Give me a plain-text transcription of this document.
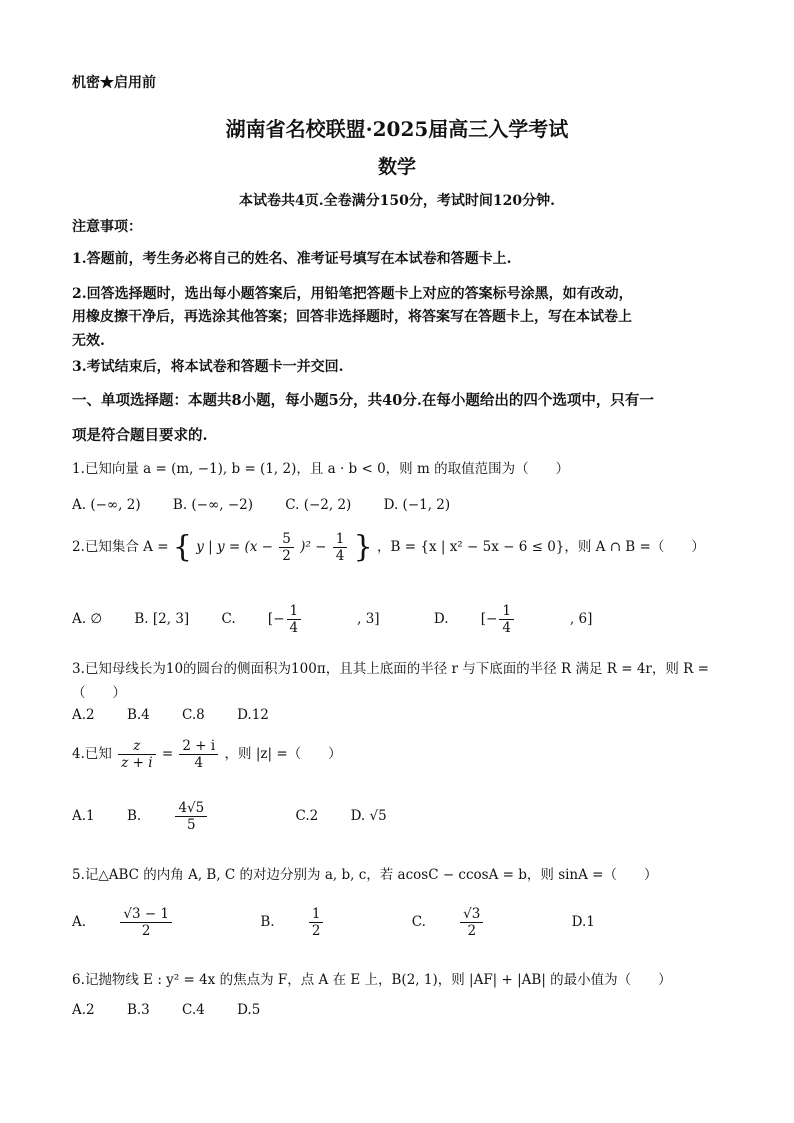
机密★启用前
湖南省名校联盟·2025届高三入学考试
数学
本试卷共4页.全卷满分150分，考试时间120分钟.
注意事项：
1.答题前，考生务必将自己的姓名、准考证号填写在本试卷和答题卡上.
2.回答选择题时，选出每小题答案后，用铅笔把答题卡上对应的答案标号涂黑，如有改动，
用橡皮擦干净后，再选涂其他答案；回答非选择题时，将答案写在答题卡上，写在本试卷上
无效.
3.考试结束后，将本试卷和答题卡一并交回.
一、单项选择题：本题共8小题，每小题5分，共40分.在每小题给出的四个选项中，只有一
项是符合题目要求的.
1.已知向量 a = (m, −1), b = (1, 2)，且 a · b < 0，则 m 的取值范围为（　　）
A. (−∞, 2) B. (−∞, −2) C. (−2, 2) D. (−1, 2)
2.已知集合 A = { y | $y = (x - \frac{5}{2} )^2 - \frac{1}{4}$ } ，B = {x | x² − 5x − 6 ≤ 0}，则 A ∩ B =（　　）
A. ∅ B. [2, 3] C. [− $\frac{1}{4}$ , 3]	D. [− $\frac{1}{4}$ , 6]
3.已知母线长为10的圆台的侧面积为100π，且其上底面的半径 r 与下底面的半径 R 满足 R = 4r，则 R =
（　　）
A.2 B.4 C.8 D.12
4.已知 $\frac{z}{z + i} = \frac{2 + i}{4}$ ，则 |z| =（　　）
A.1 B.	$\frac{4√5}{5}$	C.2 D. √5
5.记△ABC 的内角 A, B, C 的对边分别为 a, b, c，若 acosC − ccosA = b，则 sinA =（　　）
A.	$\frac{√3 - 1}{2}$	B.	$\frac{1}{2}$	C.	$\frac{√3}{2}$	D.1
6.记抛物线 E : y² = 4x 的焦点为 F，点 A 在 E 上，B(2, 1)，则 |AF| + |AB| 的最小值为（　　）
A.2 B.3 C.4 D.5
